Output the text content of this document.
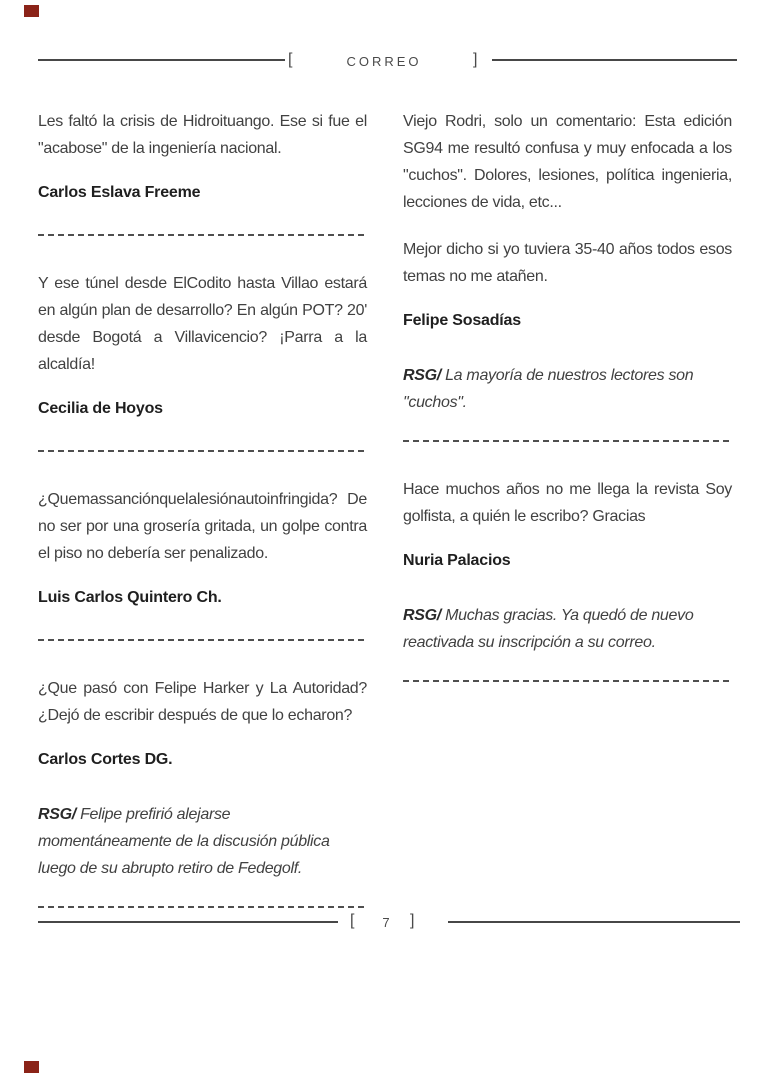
[	CORREO	]

Les faltó la crisis de Hidroituango. Ese si fue el "acabose" de la ingeniería nacional.

Carlos Eslava Freeme

Y ese túnel desde ElCodito hasta Villao estará en algún plan de desarrollo? En algún POT? 20' desde Bogotá a Villavicencio? ¡Parra a la alcaldía!

Cecilia de Hoyos

¿Quemassanciónquelalesiónautoinfringida? De no ser por una grosería gritada, un golpe contra el piso no debería ser penalizado.

Luis Carlos Quintero Ch.

¿Que pasó con Felipe Harker y La Autoridad? ¿Dejó de escribir después de que lo echaron?

Carlos Cortes DG.

RSG/ Felipe prefirió alejarse momentáneamente de la discusión pública luego de su abrupto retiro de Fedegolf.

Viejo Rodri, solo un comentario: Esta edición SG94 me resultó confusa y muy enfocada a los "cuchos". Dolores, lesiones, política ingenieria, lecciones de vida, etc...

Mejor dicho si yo tuviera 35-40 años todos esos temas no me atañen.

Felipe Sosadías

RSG/ La mayoría de nuestros lectores son "cuchos".

Hace muchos años no me llega la revista Soy golfista, a quién le escribo? Gracias

Nuria Palacios

RSG/ Muchas gracias. Ya quedó de nuevo reactivada su inscripción a su correo.

[	7	]
